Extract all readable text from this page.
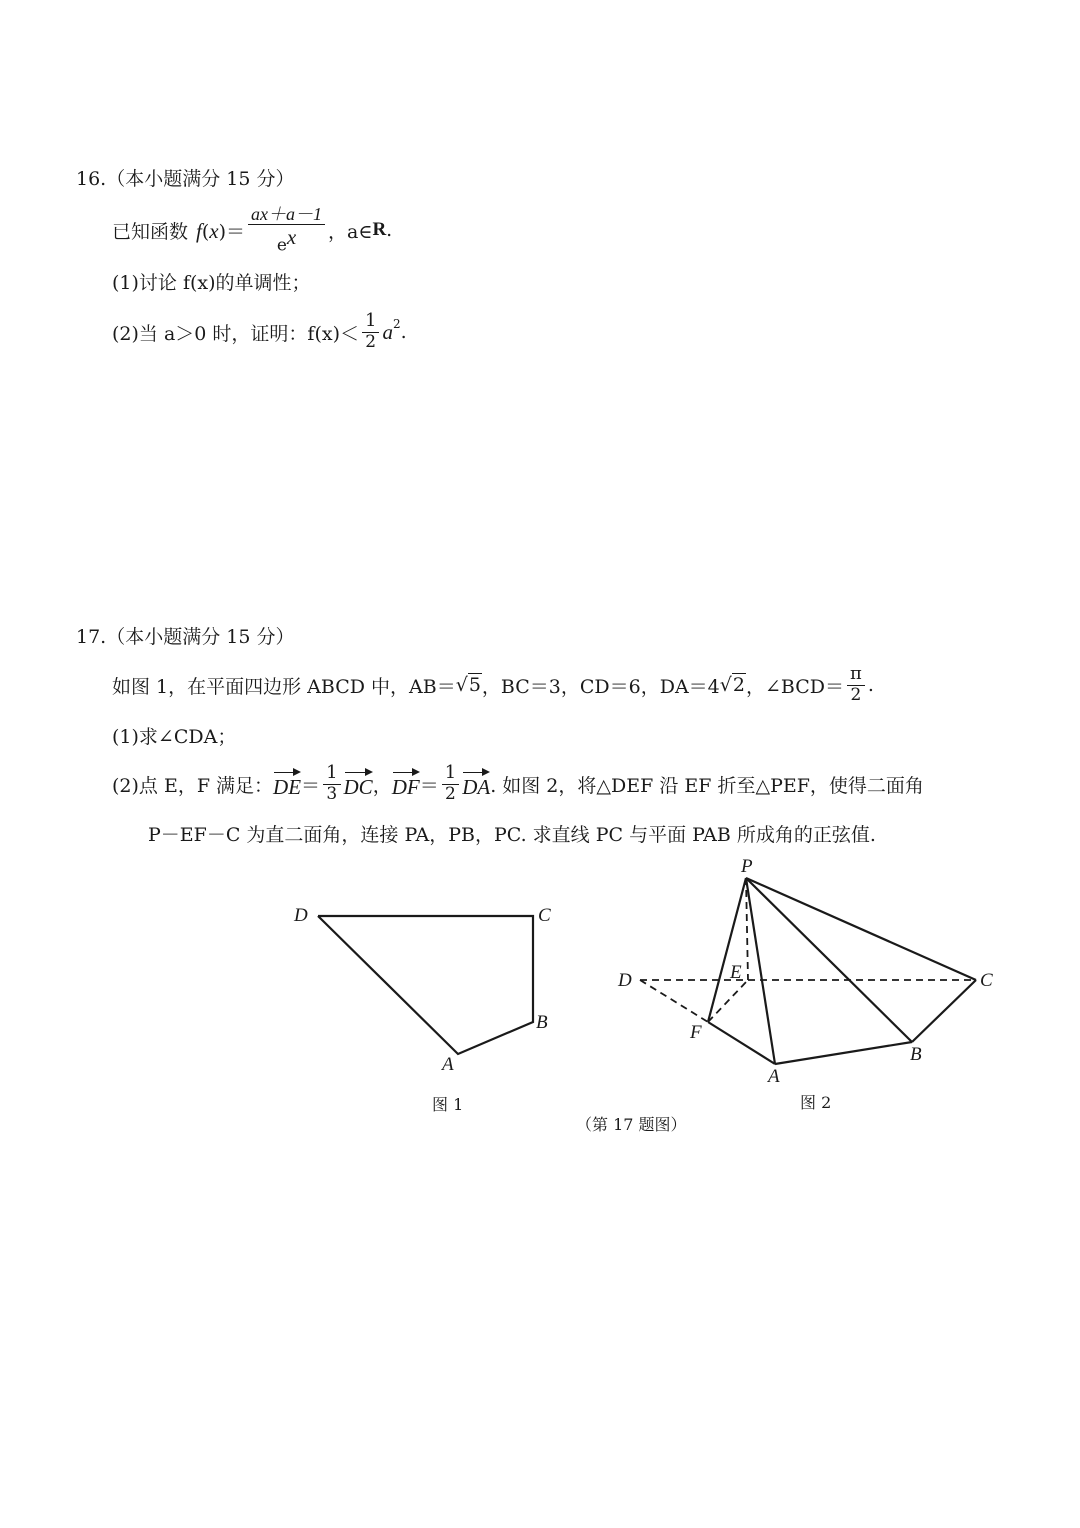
16.（本小题满分 15 分）
已知函数 $f(x)= \frac{ax+a-1}{e^x}$ ，a∈ R .
(1)讨论 f(x)的单调性；
(2)当 a＞0 时，证明：$f(x)< \frac{1}{2} a^2$ .
17.（本小题满分 15 分）
如图 1，在平面四边形 ABCD 中，AB＝ √5 ，BC＝3，CD＝6，DA＝4 √2 ，∠BCD＝ $\frac{\pi}{2}$ .
(1)求∠CDA；
(2)点 E，F 满足： DE ＝ $\frac{1}{3}$ DC ， DF ＝ $\frac{1}{2}$ DA . 如图 2，将△DEF 沿 EF 折至△PEF，使得二面角
P－EF－C 为直二面角，连接 PA，PB，PC. 求直线 PC 与平面 PAB 所成角的正弦值.
D	C
B
A
图 1
P
D	E
F
A
B
C
图 2
（第 17 题图）
